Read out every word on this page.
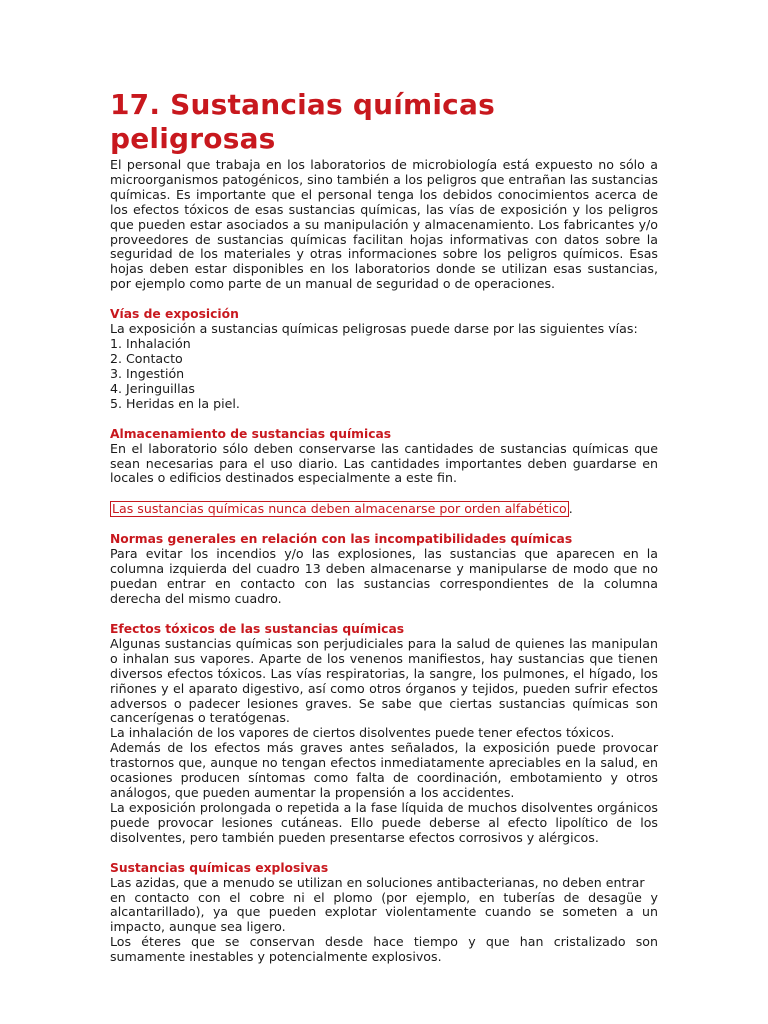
17. Sustancias químicas peligrosas

El personal que trabaja en los laboratorios de microbiología está expuesto no sólo a microorganismos patogénicos, sino también a los peligros que entrañan las sustancias químicas. Es importante que el personal tenga los debidos conocimientos acerca de los efectos tóxicos de esas sustancias químicas, las vías de exposición y los peligros que pueden estar asociados a su manipulación y almacenamiento. Los fabricantes y/o proveedores de sustancias químicas facilitan hojas informativas con datos sobre la seguridad de los materiales y otras informaciones sobre los peligros químicos. Esas hojas deben estar disponibles en los laboratorios donde se utilizan esas sustancias, por ejemplo como parte de un manual de seguridad o de operaciones.

Vías de exposición

La exposición a sustancias químicas peligrosas puede darse por las siguientes vías:

1. Inhalación
2. Contacto
3. Ingestión
4. Jeringuillas
5. Heridas en la piel.
Almacenamiento de sustancias químicas

En el laboratorio sólo deben conservarse las cantidades de sustancias químicas que sean necesarias para el uso diario. Las cantidades importantes deben guardarse en locales o edificios destinados especialmente a este fin.

Las sustancias químicas nunca deben almacenarse por orden alfabético .
Normas generales en relación con las incompatibilidades químicas

Para evitar los incendios y/o las explosiones, las sustancias que aparecen en la columna izquierda del cuadro 13 deben almacenarse y manipularse de modo que no puedan entrar en contacto con las sustancias correspondientes de la columna derecha del mismo cuadro.

Efectos tóxicos de las sustancias químicas

Algunas sustancias químicas son perjudiciales para la salud de quienes las manipulan o inhalan sus vapores. Aparte de los venenos manifiestos, hay sustancias que tienen diversos efectos tóxicos. Las vías respiratorias, la sangre, los pulmones, el hígado, los riñones y el aparato digestivo, así como otros órganos y tejidos, pueden sufrir efectos adversos o padecer lesiones graves. Se sabe que ciertas sustancias químicas son cancerígenas o teratógenas.

La inhalación de los vapores de ciertos disolventes puede tener efectos tóxicos.

Además de los efectos más graves antes señalados, la exposición puede provocar trastornos que, aunque no tengan efectos inmediatamente apreciables en la salud, en ocasiones producen síntomas como falta de coordinación, embotamiento y otros análogos, que pueden aumentar la propensión a los accidentes.

La exposición prolongada o repetida a la fase líquida de muchos disolventes orgánicos puede provocar lesiones cutáneas. Ello puede deberse al efecto lipolítico de los disolventes, pero también pueden presentarse efectos corrosivos y alérgicos.

Sustancias químicas explosivas

Las azidas, que a menudo se utilizan en soluciones antibacterianas, no deben entrar

en contacto con el cobre ni el plomo (por ejemplo, en tuberías de desagüe y alcantarillado), ya que pueden explotar violentamente cuando se someten a un impacto, aunque sea ligero.

Los éteres que se conservan desde hace tiempo y que han cristalizado son sumamente inestables y potencialmente explosivos.
